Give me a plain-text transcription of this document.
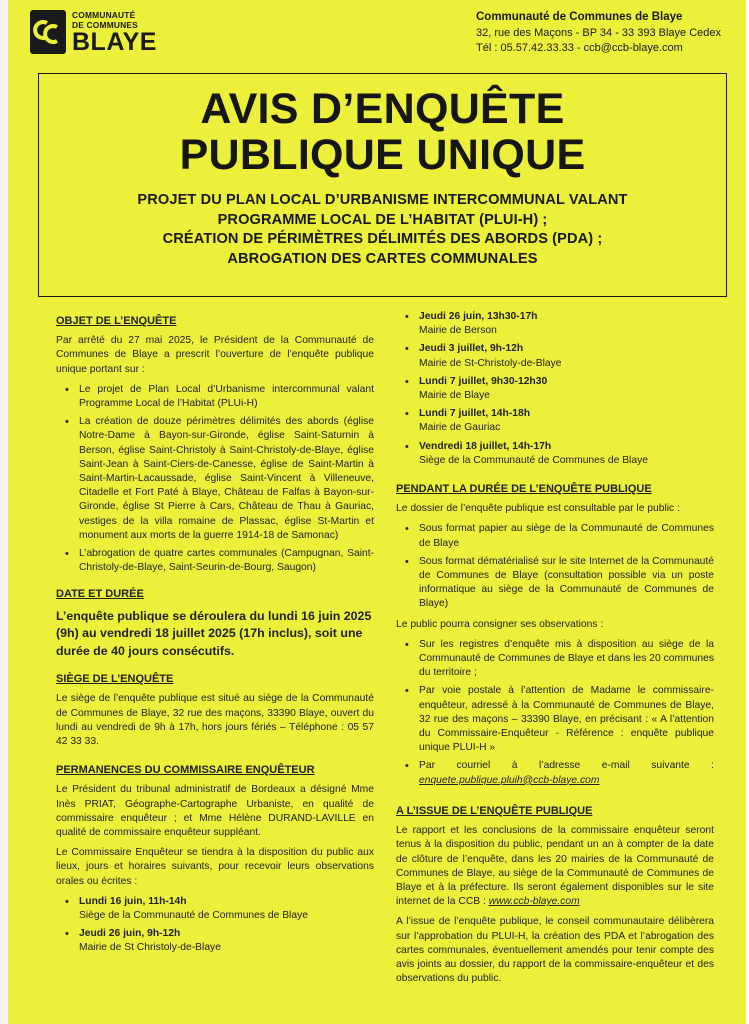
COMMUNAUTÉ
DE COMMUNES
BLAYE
Communauté de Communes de Blaye
32, rue des Maçons - BP 34 - 33 393 Blaye Cedex
Tél : 05.57.42.33.33 - ccb@ccb-blaye.com
AVIS D’ENQUÊTE
PUBLIQUE UNIQUE
PROJET DU PLAN LOCAL D’URBANISME INTERCOMMUNAL VALANT
PROGRAMME LOCAL DE L’HABITAT (PLUI-H) ;
CRÉATION DE PÉRIMÈTRES DÉLIMITÉS DES ABORDS (PDA) ;
ABROGATION DES CARTES COMMUNALES
OBJET DE L’ENQUÊTE
Par arrêté du 27 mai 2025, le Président de la Communauté de Communes de Blaye a prescrit l’ouverture de l’enquête publique unique portant sur :
• Le projet de Plan Local d’Urbanisme intercommunal valant Programme Local de l’Habitat (PLUi-H)
• La création de douze périmètres délimités des abords (église Notre-Dame à Bayon-sur-Gironde, église Saint-Saturnin à Berson, église Saint-Christoly à Saint-Christoly-de-Blaye, église Saint-Jean à Saint-Ciers-de-Canesse, église de Saint-Martin à Saint-Martin-Lacaussade, église Saint-Vincent à Villeneuve, Citadelle et Fort Paté à Blaye, Château de Falfas à Bayon-sur-Gironde, église St Pierre à Cars, Château de Thau à Gauriac, vestiges de la villa romaine de Plassac, église St-Martin et monument aux morts de la guerre 1914-18 de Samonac)
• L’abrogation de quatre cartes communales (Campugnan, Saint-Christoly-de-Blaye, Saint-Seurin-de-Bourg, Saugon)
DATE ET DURÉE
L’enquête publique se déroulera du lundi 16 juin 2025 (9h) au vendredi 18 juillet 2025 (17h inclus), soit une durée de 40 jours consécutifs.
SIÈGE DE L’ENQUÊTE
Le siège de l’enquête publique est situé au siège de la Communauté de Communes de Blaye, 32 rue des maçons, 33390 Blaye, ouvert du lundi au vendredi de 9h à 17h, hors jours fériés – Téléphone : 05 57 42 33 33.
PERMANENCES DU COMMISSAIRE ENQUÊTEUR
Le Président du tribunal administratif de Bordeaux a désigné Mme Inès PRIAT, Géographe-Cartographe Urbaniste, en qualité de commissaire enquêteur ; et Mme Hélène DURAND-LAVILLE en qualité de commissaire enquêteur suppléant.
Le Commissaire Enquêteur se tiendra à la disposition du public aux lieux, jours et horaires suivants, pour recevoir leurs observations orales ou écrites :
• Lundi 16 juin, 11h-14h
Siège de la Communauté de Communes de Blaye
• Jeudi 26 juin, 9h-12h
Mairie de St Christoly-de-Blaye
• Jeudi 26 juin, 13h30-17h
Mairie de Berson
• Jeudi 3 juillet, 9h-12h
Mairie de St-Christoly-de-Blaye
• Lundi 7 juillet, 9h30-12h30
Mairie de Blaye
• Lundi 7 juillet, 14h-18h
Mairie de Gauriac
• Vendredi 18 juillet, 14h-17h
Siège de la Communauté de Communes de Blaye
PENDANT LA DURÉE DE L’ENQUÊTE PUBLIQUE
Le dossier de l’enquête publique est consultable par le public :
• Sous format papier au siège de la Communauté de Communes de Blaye
• Sous format dématérialisé sur le site Internet de la Communauté de Communes de Blaye (consultation possible via un poste informatique au siège de la Communauté de Communes de Blaye)
Le public pourra consigner ses observations :
• Sur les registres d’enquête mis à disposition au siège de la Communauté de Communes de Blaye et dans les 20 communes du territoire ;
• Par voie postale à l’attention de Madame le commissaire-enquêteur, adressé à la Communauté de Communes de Blaye, 32 rue des maçons – 33390 Blaye, en précisant : « A l’attention du Commissaire-Enquêteur - Référence : enquête publique unique PLUI-H »
• Par courriel à l’adresse e-mail suivante : enquete.publique.pluih@ccb-blaye.com
A L’ISSUE DE L’ENQUÊTE PUBLIQUE
Le rapport et les conclusions de la commissaire enquêteur seront tenus à la disposition du public, pendant un an à compter de la date de clôture de l’enquête, dans les 20 mairies de la Communauté de Communes de Blaye, au siège de la Communauté de Communes de Blaye et à la préfecture. Ils seront également disponibles sur le site internet de la CCB : www.ccb-blaye.com
A l’issue de l’enquête publique, le conseil communautaire délibèrera sur l’approbation du PLUI-H, la création des PDA et l’abrogation des cartes communales, éventuellement amendés pour tenir compte des avis joints au dossier, du rapport de la commissaire-enquêteur et des observations du public.
